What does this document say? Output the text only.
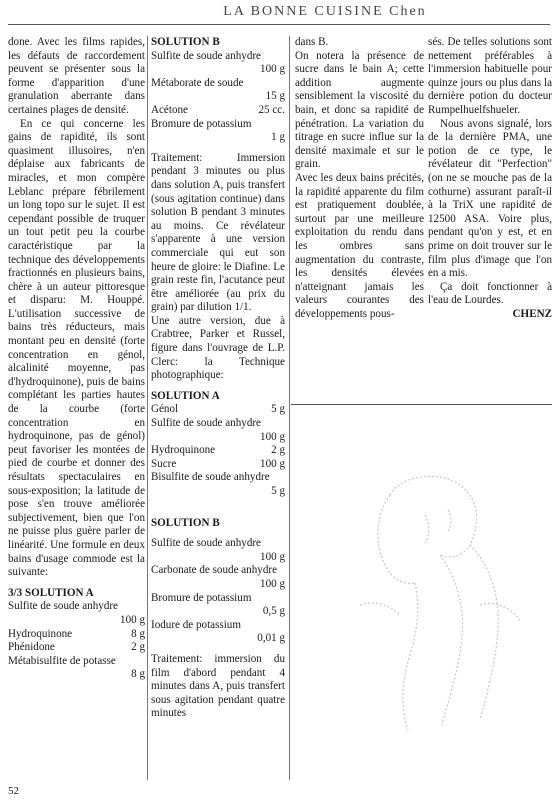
LA BONNE CUISINE Chen

done. Avec les films rapides, les défauts de raccordement peuvent se présenter sous la forme d'apparition d'une granulation aberrante dans certaines plages de densité.

En ce qui concerne les gains de rapidité, ils sont quasiment illusoires, n'en déplaise aux fabricants de miracles, et mon compère Leblanc prépare fébrilement un long topo sur le sujet. Il est cependant possible de truquer un tout petit peu la courbe caractéristique par la technique des développements fractionnés en plusieurs bains, chère à un auteur pittoresque et disparu: M. Houppé. L'utilisation successive de bains très réducteurs, mais montant peu en densité (forte concentration en génol, alcalinité moyenne, pas d'hydroquinone), puis de bains complétant les parties hautes de la courbe (forte concentration en hydroquinone, pas de génol) peut favoriser les montées de pied de courbe et donner des résultats spectaculaires en sous-exposition; la latitude de pose s'en trouve améliorée subjectivement, bien que l'on ne puisse plus guère parler de linéarité. Une formule en deux bains d'usage commode est la suivante:

3/3 SOLUTION A
Sulfite de soude anhydre
100 g
Hydroquinone	8 g
Phénidone	2 g
Métabisulfite de potasse
8 g
SOLUTION B
Sulfite de soude anhydre
100 g
Métaborate de soude
15 g
Acétone	25 cc.
Bromure de potassium
1 g

Traitement: Immersion pendant 3 minutes ou plus dans solution A, puis transfert (sous agitation continue) dans solution B pendant 3 minutes au moins. Ce révélateur s'apparente à une version commerciale qui eut son heure de gloire: le Diafine. Le grain reste fin, l'acutance peut être améliorée (au prix du grain) par dilution 1/1.

Une autre version, due à Crabtree, Parker et Russel, figure dans l'ouvrage de L.P. Clerc: la Technique photographique:

SOLUTION A
Génol	5 g
Sulfite de soude anhydre
100 g
Hydroquinone	2 g
Sucre	100 g
Bisulfite de soude anhydre
5 g
SOLUTION B
Sulfite de soude anhydre
100 g
Carbonate de soude anhydre
100 g
Bromure de potassium
0,5 g
Iodure de potassium
0,01 g

Traitement: immersion du film d'abord pendant 4 minutes dans A, puis transfert sous agitation pendant quatre minutes

dans B.

On notera la présence de sucre dans le bain A; cette addition augmente sensiblement la viscosité du bain, et donc sa rapidité de pénétration. La variation du titrage en sucre influe sur la densité maximale et sur le grain.

Avec les deux bains précités, la rapidité apparente du film est pratiquement doublée, surtout par une meilleure exploitation du rendu dans les ombres sans augmentation du contraste, les densités élevées n'atteignant jamais les valeurs courantes des développements pous-

sés. De telles solutions sont nettement préférables à l'immersion habituelle pour quinze jours ou plus dans la dernière potion du docteur Rumpelhuelfshueler.

Nous avons signalé, lors de la dernière PMA, une potion de ce type, le révélateur dit "Perfection" (on ne se mouche pas de la cothurne) assurant paraît-il à la TriX une rapidité de 12500 ASA. Voire plus, pendant qu'on y est, et en prime on doit trouver sur le film plus d'image que l'on en a mis.

Ça doit fonctionner à l'eau de Lourdes.

CHENZ
52
